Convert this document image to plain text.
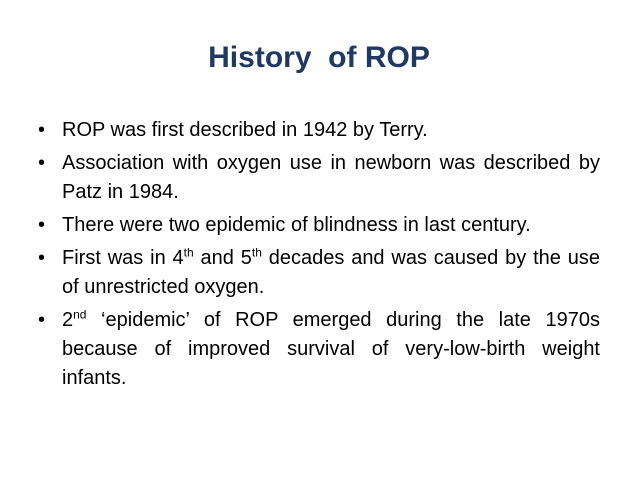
History  of ROP
• ROP was first described in 1942 by Terry.
• Association with oxygen use in newborn was described by Patz in 1984.
• There were two epidemic of blindness in last century.
• First was in 4th and 5th decades and was caused by the use of unrestricted oxygen.
• 2nd ‘epidemic’ of ROP emerged during the late 1970s because of improved survival of very-low-birth weight infants.
